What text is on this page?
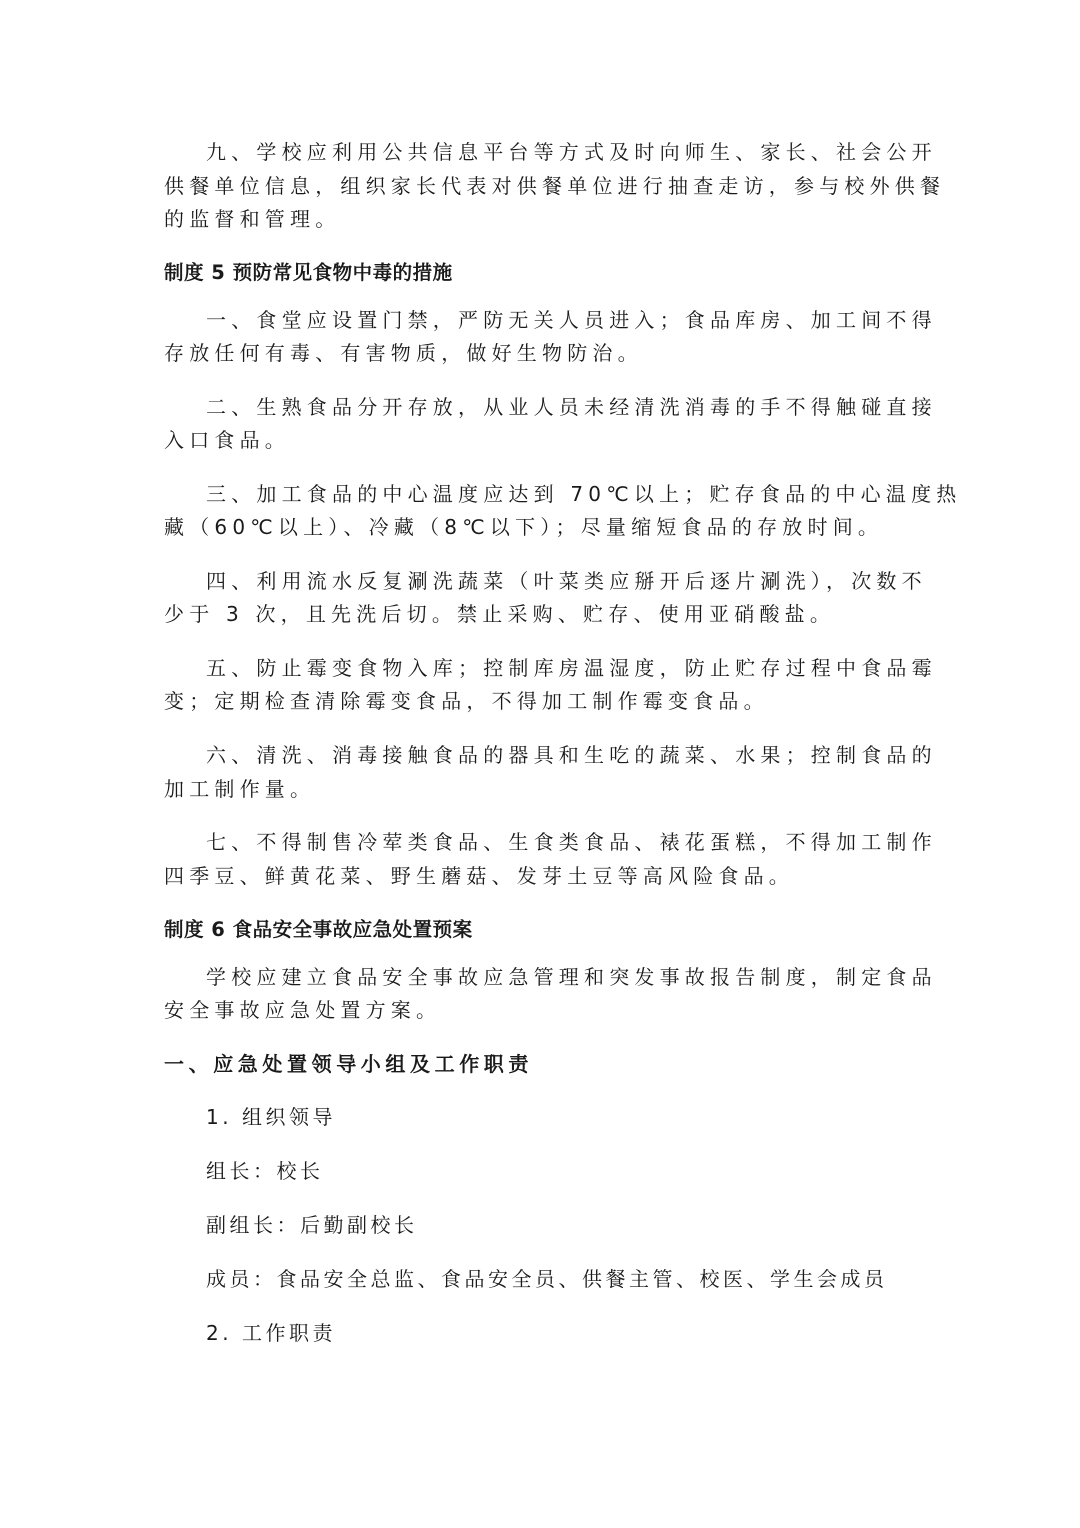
九、学校应利用公共信息平台等方式及时向师生、家长、社会公开
供餐单位信息，组织家长代表对供餐单位进行抽查走访，参与校外供餐
的监督和管理。
制度 5 预防常见食物中毒的措施
一、食堂应设置门禁，严防无关人员进入；食品库房、加工间不得
存放任何有毒、有害物质，做好生物防治。
二、生熟食品分开存放，从业人员未经清洗消毒的手不得触碰直接
入口食品。
三、加工食品的中心温度应达到 70℃以上；贮存食品的中心温度热
藏（60℃以上）、冷藏（8℃以下）；尽量缩短食品的存放时间。
四、利用流水反复涮洗蔬菜（叶菜类应掰开后逐片涮洗），次数不
少于 3 次，且先洗后切。禁止采购、贮存、使用亚硝酸盐。
五、防止霉变食物入库；控制库房温湿度，防止贮存过程中食品霉
变；定期检查清除霉变食品，不得加工制作霉变食品。
六、清洗、消毒接触食品的器具和生吃的蔬菜、水果；控制食品的
加工制作量。
七、不得制售冷荤类食品、生食类食品、裱花蛋糕，不得加工制作
四季豆、鲜黄花菜、野生蘑菇、发芽土豆等高风险食品。
制度 6 食品安全事故应急处置预案
学校应建立食品安全事故应急管理和突发事故报告制度，制定食品
安全事故应急处置方案。
一、应急处置领导小组及工作职责
1. 组织领导
组长：校长
副组长：后勤副校长
成员：食品安全总监、食品安全员、供餐主管、校医、学生会成员
2. 工作职责
